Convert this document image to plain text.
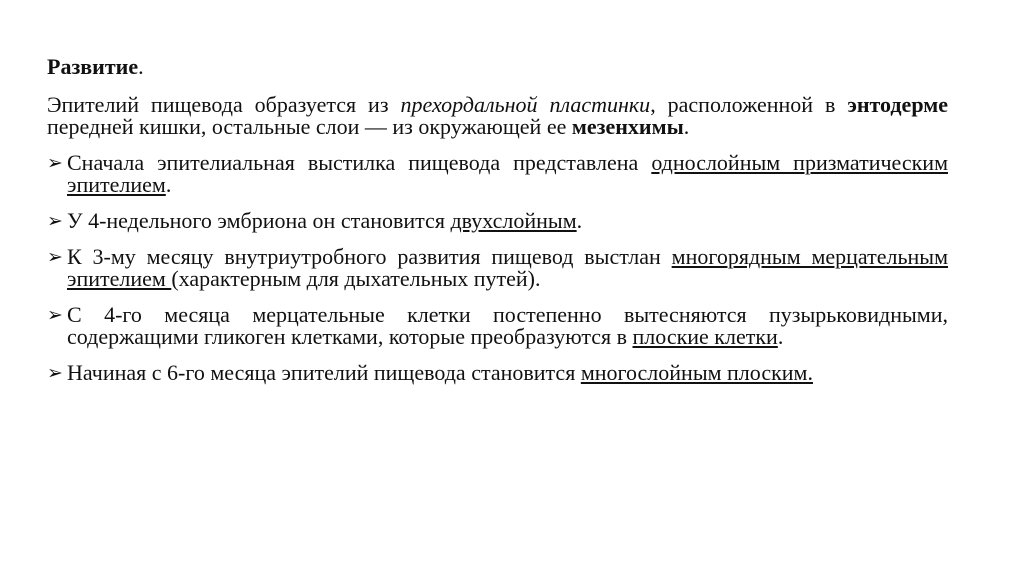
Развитие.

Эпителий пищевода образуется из прехордальной пластинки, расположенной в энтодерме передней кишки, остальные слои — из окружающей ее мезенхимы.

➢ Сначала эпителиальная выстилка пищевода представлена однослойным призматическим эпителием.
➢ У 4-недельного эмбриона он становится двухслойным.
➢ К 3-му месяцу внутриутробного развития пищевод выстлан многорядным мерцательным эпителием (характерным для дыхательных путей).
➢ С 4-го месяца мерцательные клетки постепенно вытесняются пузырьковидными, содержащими гликоген клетками, которые преобразуются в плоские клетки.
➢ Начиная с 6-го месяца эпителий пищевода становится многослойным плоским.
